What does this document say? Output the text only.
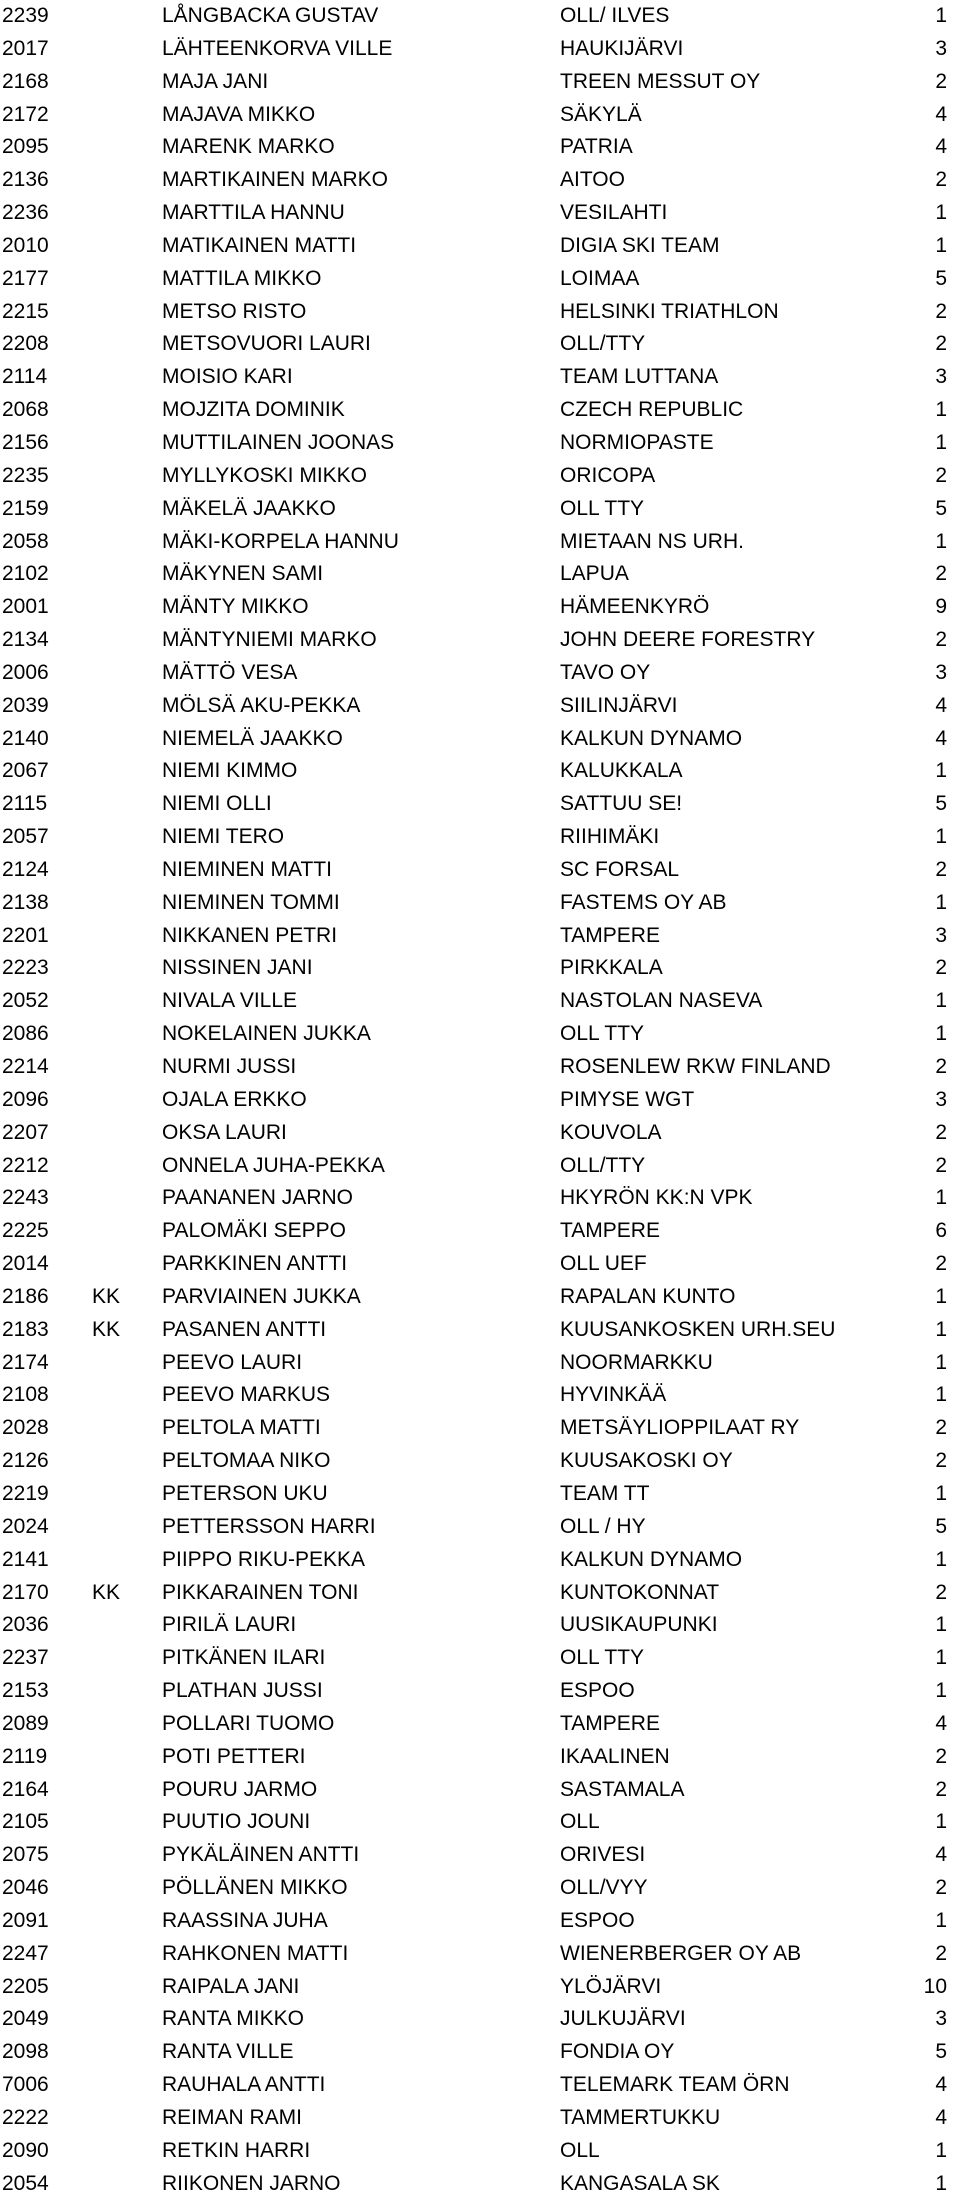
2239	LÅNGBACKA GUSTAV	OLL/ ILVES	1
2017	LÄHTEENKORVA VILLE	HAUKIJÄRVI	3
2168	MAJA JANI	TREEN MESSUT OY	2
2172	MAJAVA MIKKO	SÄKYLÄ	4
2095	MARENK MARKO	PATRIA	4
2136	MARTIKAINEN MARKO	AITOO	2
2236	MARTTILA HANNU	VESILAHTI	1
2010	MATIKAINEN MATTI	DIGIA SKI TEAM	1
2177	MATTILA MIKKO	LOIMAA	5
2215	METSO RISTO	HELSINKI TRIATHLON	2
2208	METSOVUORI LAURI	OLL/TTY	2
2114	MOISIO KARI	TEAM LUTTANA	3
2068	MOJZITA DOMINIK	CZECH REPUBLIC	1
2156	MUTTILAINEN JOONAS	NORMIOPASTE	1
2235	MYLLYKOSKI MIKKO	ORICOPA	2
2159	MÄKELÄ JAAKKO	OLL TTY	5
2058	MÄKI-KORPELA HANNU	MIETAAN NS URH.	1
2102	MÄKYNEN SAMI	LAPUA	2
2001	MÄNTY MIKKO	HÄMEENKYRÖ	9
2134	MÄNTYNIEMI MARKO	JOHN DEERE FORESTRY	2
2006	MÄTTÖ VESA	TAVO OY	3
2039	MÖLSÄ AKU-PEKKA	SIILINJÄRVI	4
2140	NIEMELÄ JAAKKO	KALKUN DYNAMO	4
2067	NIEMI KIMMO	KALUKKALA	1
2115	NIEMI OLLI	SATTUU SE!	5
2057	NIEMI TERO	RIIHIMÄKI	1
2124	NIEMINEN MATTI	SC FORSAL	2
2138	NIEMINEN TOMMI	FASTEMS OY AB	1
2201	NIKKANEN PETRI	TAMPERE	3
2223	NISSINEN JANI	PIRKKALA	2
2052	NIVALA VILLE	NASTOLAN NASEVA	1
2086	NOKELAINEN JUKKA	OLL TTY	1
2214	NURMI JUSSI	ROSENLEW RKW FINLAND	2
2096	OJALA ERKKO	PIMYSE WGT	3
2207	OKSA LAURI	KOUVOLA	2
2212	ONNELA JUHA-PEKKA	OLL/TTY	2
2243	PAANANEN JARNO	HKYRÖN KK:N VPK	1
2225	PALOMÄKI SEPPO	TAMPERE	6
2014	PARKKINEN ANTTI	OLL UEF	2
2186 KK PARVIAINEN JUKKA	RAPALAN KUNTO	1
2183 KK PASANEN ANTTI	KUUSANKOSKEN URH.SEU	1
2174	PEEVO LAURI	NOORMARKKU	1
2108	PEEVO MARKUS	HYVINKÄÄ	1
2028	PELTOLA MATTI	METSÄYLIOPPILAAT RY	2
2126	PELTOMAA NIKO	KUUSAKOSKI OY	2
2219	PETERSON UKU	TEAM TT	1
2024	PETTERSSON HARRI	OLL / HY	5
2141	PIIPPO RIKU-PEKKA	KALKUN DYNAMO	1
2170 KK PIKKARAINEN TONI	KUNTOKONNAT	2
2036	PIRILÄ LAURI	UUSIKAUPUNKI	1
2237	PITKÄNEN ILARI	OLL TTY	1
2153	PLATHAN JUSSI	ESPOO	1
2089	POLLARI TUOMO	TAMPERE	4
2119	POTI PETTERI	IKAALINEN	2
2164	POURU JARMO	SASTAMALA	2
2105	PUUTIO JOUNI	OLL	1
2075	PYKÄLÄINEN ANTTI	ORIVESI	4
2046	PÖLLÄNEN MIKKO	OLL/VYY	2
2091	RAASSINA JUHA	ESPOO	1
2247	RAHKONEN MATTI	WIENERBERGER OY AB	2
2205	RAIPALA JANI	YLÖJÄRVI	10
2049	RANTA MIKKO	JULKUJÄRVI	3
2098	RANTA VILLE	FONDIA OY	5
7006	RAUHALA ANTTI	TELEMARK TEAM ÖRN	4
2222	REIMAN RAMI	TAMMERTUKKU	4
2090	RETKIN HARRI	OLL	1
2054	RIIKONEN JARNO	KANGASALA SK	1
